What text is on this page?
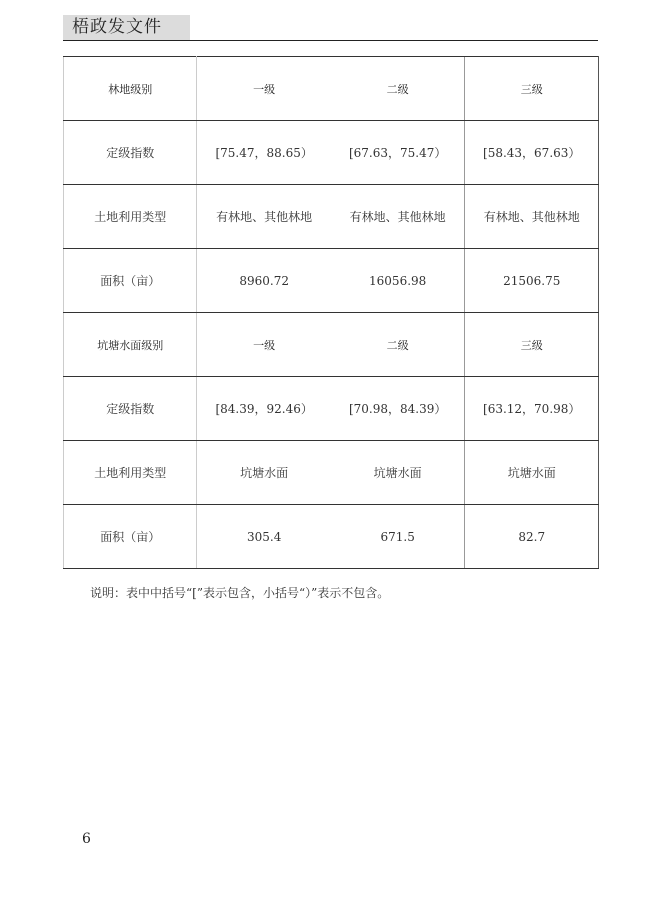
梧政发文件
林地级别	一级	二级	三级
定级指数	[75.47，88.65）	[67.63，75.47）	[58.43，67.63）
土地利用类型	有林地、其他林地	有林地、其他林地	有林地、其他林地
面积（亩）	8960.72	16056.98	21506.75
坑塘水面级别	一级	二级	三级
定级指数	[84.39，92.46）	[70.98，84.39）	[63.12，70.98）
土地利用类型	坑塘水面	坑塘水面	坑塘水面
面积（亩）	305.4	671.5	82.7
说明：表中中括号“[”表示包含，小括号“）”表示不包含。
6
